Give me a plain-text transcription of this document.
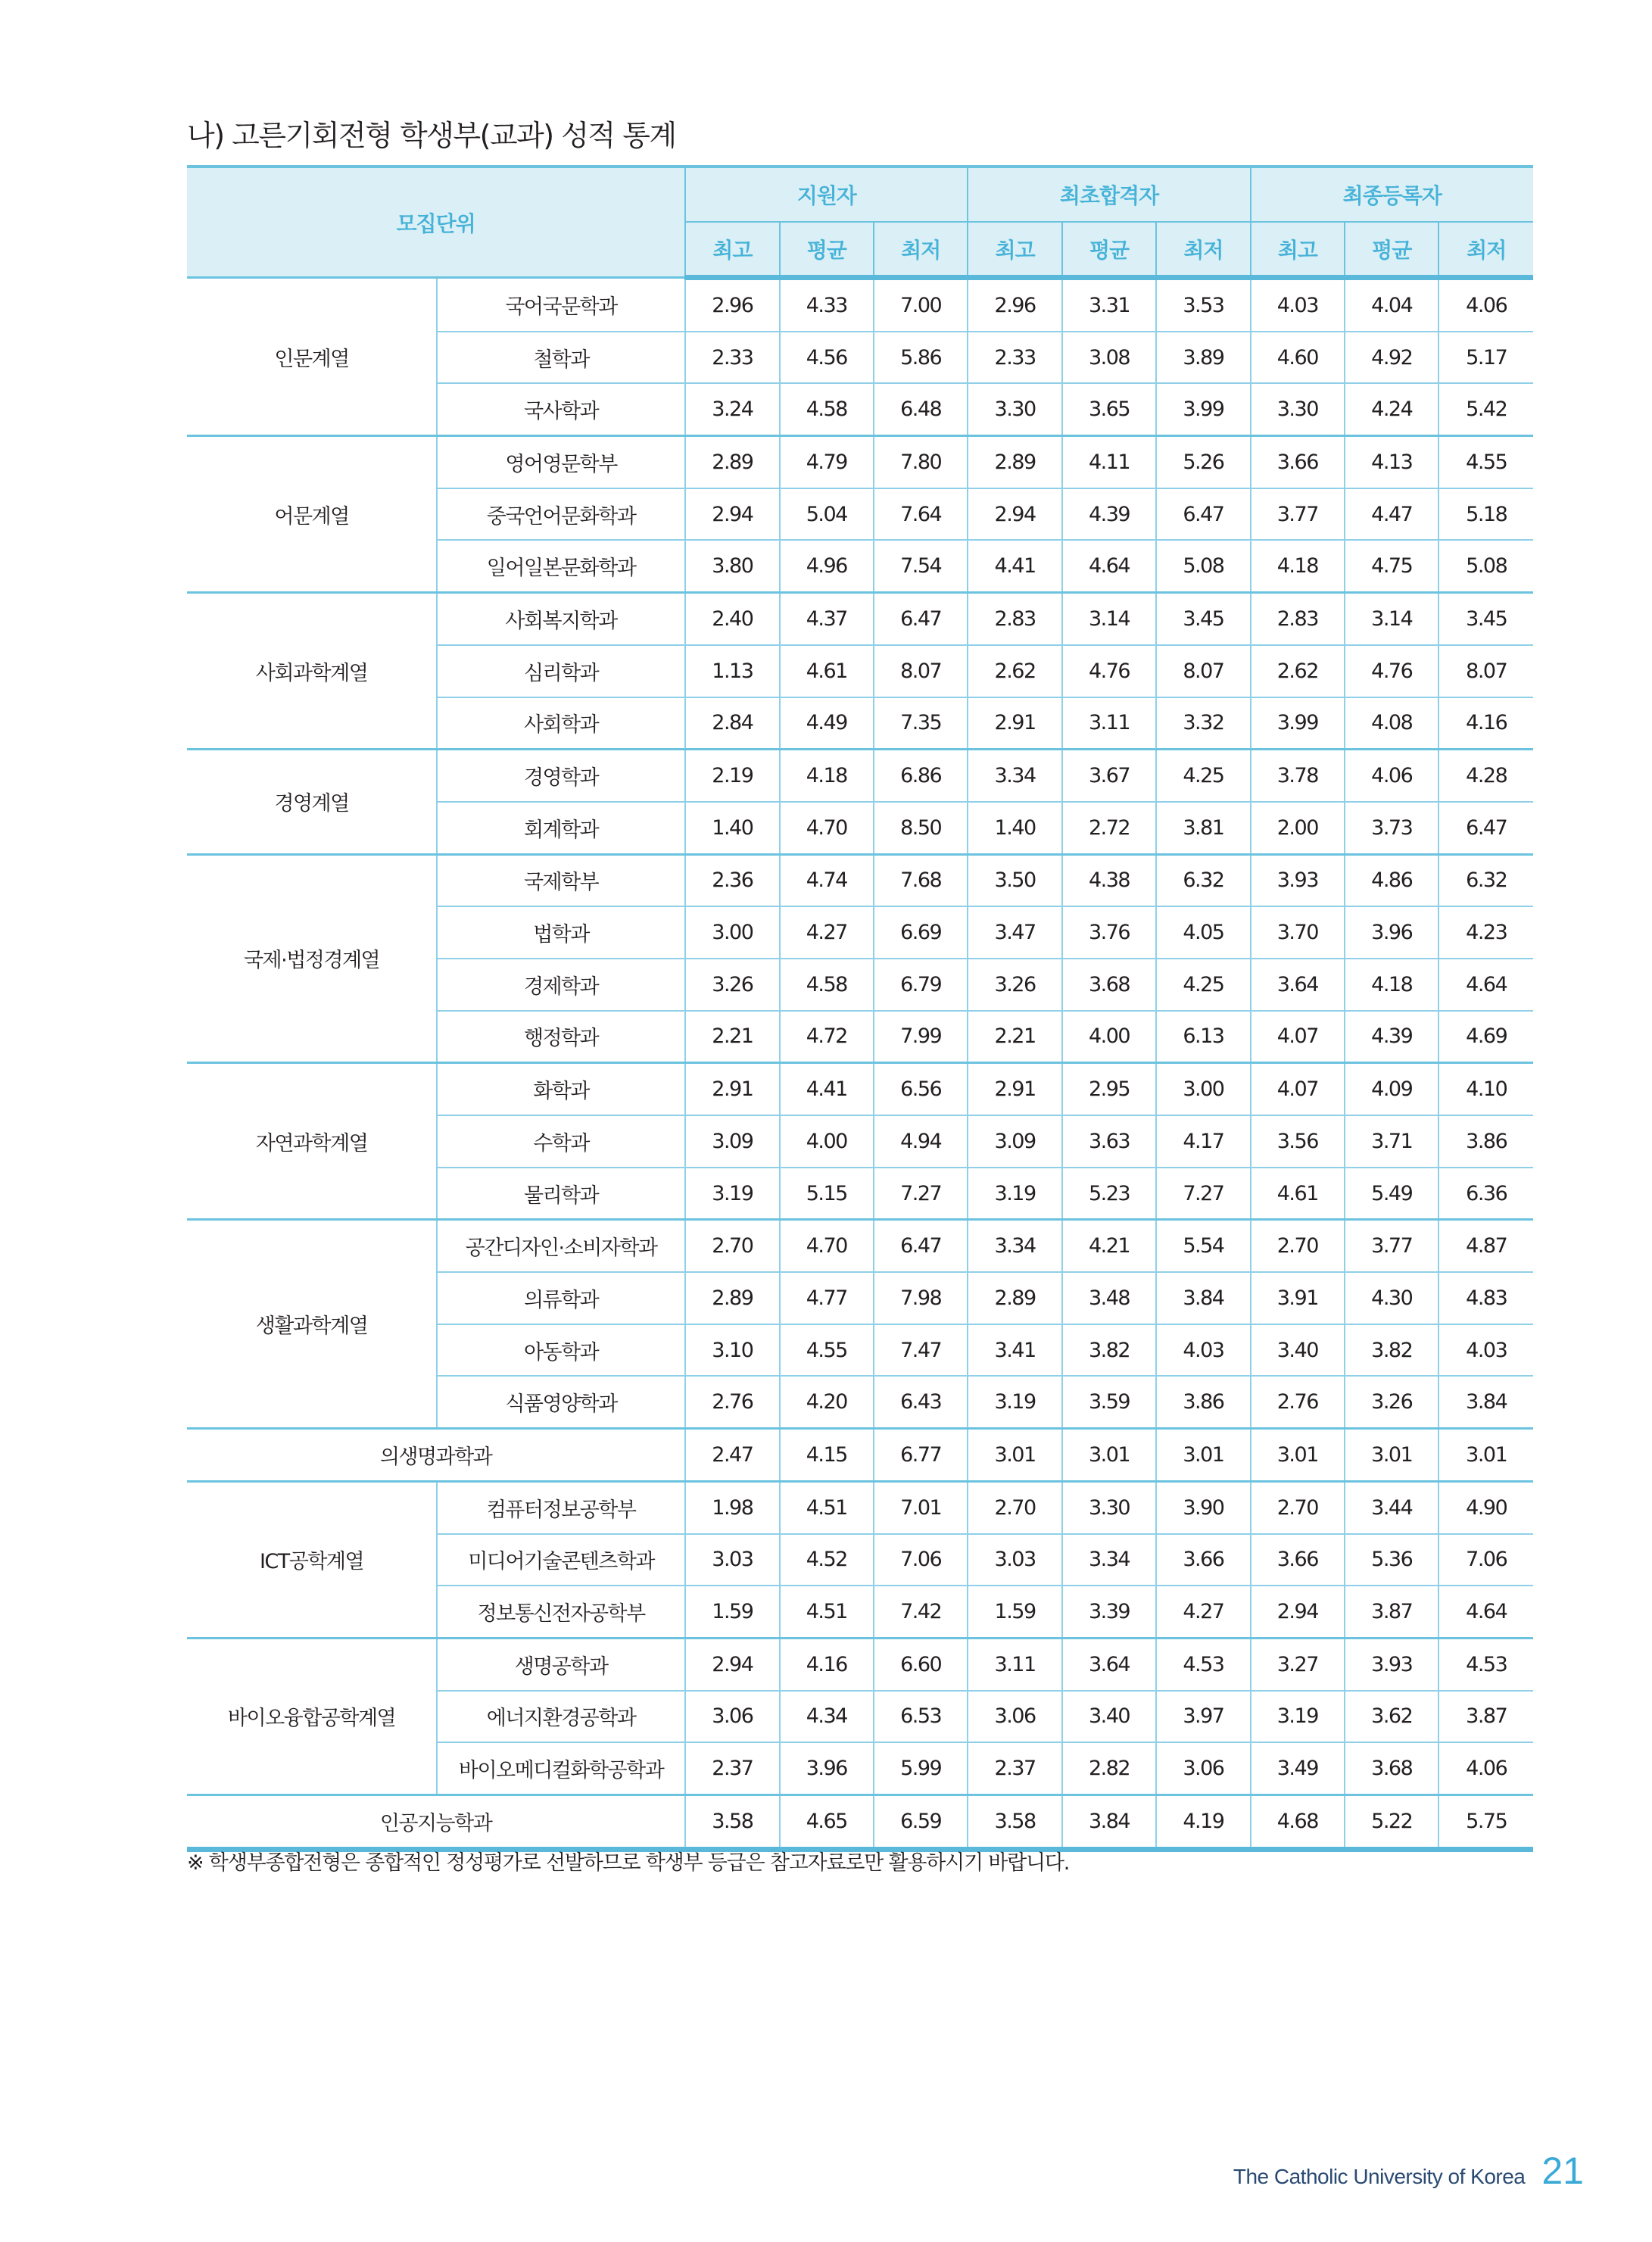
나) 고른기회전형 학생부(교과) 성적 통계
모집단위		지원자			최초합격자			최종등록자		
		최고	평균	최저	최고	평균	최저	최고	평균	최저
인문계열	국어국문학과	2.96	4.33	7.00	2.96	3.31	3.53	4.03	4.04	4.06
	철학과	2.33	4.56	5.86	2.33	3.08	3.89	4.60	4.92	5.17
	국사학과	3.24	4.58	6.48	3.30	3.65	3.99	3.30	4.24	5.42
어문계열	영어영문학부	2.89	4.79	7.80	2.89	4.11	5.26	3.66	4.13	4.55
	중국언어문화학과	2.94	5.04	7.64	2.94	4.39	6.47	3.77	4.47	5.18
	일어일본문화학과	3.80	4.96	7.54	4.41	4.64	5.08	4.18	4.75	5.08
사회과학계열	사회복지학과	2.40	4.37	6.47	2.83	3.14	3.45	2.83	3.14	3.45
	심리학과	1.13	4.61	8.07	2.62	4.76	8.07	2.62	4.76	8.07
	사회학과	2.84	4.49	7.35	2.91	3.11	3.32	3.99	4.08	4.16
경영계열	경영학과	2.19	4.18	6.86	3.34	3.67	4.25	3.78	4.06	4.28
	회계학과	1.40	4.70	8.50	1.40	2.72	3.81	2.00	3.73	6.47
국제·법정경계열	국제학부	2.36	4.74	7.68	3.50	4.38	6.32	3.93	4.86	6.32
	법학과	3.00	4.27	6.69	3.47	3.76	4.05	3.70	3.96	4.23
	경제학과	3.26	4.58	6.79	3.26	3.68	4.25	3.64	4.18	4.64
	행정학과	2.21	4.72	7.99	2.21	4.00	6.13	4.07	4.39	4.69
자연과학계열	화학과	2.91	4.41	6.56	2.91	2.95	3.00	4.07	4.09	4.10
	수학과	3.09	4.00	4.94	3.09	3.63	4.17	3.56	3.71	3.86
	물리학과	3.19	5.15	7.27	3.19	5.23	7.27	4.61	5.49	6.36
생활과학계열	공간디자인·소비자학과	2.70	4.70	6.47	3.34	4.21	5.54	2.70	3.77	4.87
	의류학과	2.89	4.77	7.98	2.89	3.48	3.84	3.91	4.30	4.83
	아동학과	3.10	4.55	7.47	3.41	3.82	4.03	3.40	3.82	4.03
	식품영양학과	2.76	4.20	6.43	3.19	3.59	3.86	2.76	3.26	3.84
의생명과학과		2.47	4.15	6.77	3.01	3.01	3.01	3.01	3.01	3.01
ICT공학계열	컴퓨터정보공학부	1.98	4.51	7.01	2.70	3.30	3.90	2.70	3.44	4.90
	미디어기술콘텐츠학과	3.03	4.52	7.06	3.03	3.34	3.66	3.66	5.36	7.06
	정보통신전자공학부	1.59	4.51	7.42	1.59	3.39	4.27	2.94	3.87	4.64
바이오융합공학계열	생명공학과	2.94	4.16	6.60	3.11	3.64	4.53	3.27	3.93	4.53
	에너지환경공학과	3.06	4.34	6.53	3.06	3.40	3.97	3.19	3.62	3.87
	바이오메디컬화학공학과	2.37	3.96	5.99	2.37	2.82	3.06	3.49	3.68	4.06
인공지능학과		3.58	4.65	6.59	3.58	3.84	4.19	4.68	5.22	5.75
※ 학생부종합전형은 종합적인 정성평가로 선발하므로 학생부 등급은 참고자료로만 활용하시기 바랍니다.
The Catholic University of Korea 21
